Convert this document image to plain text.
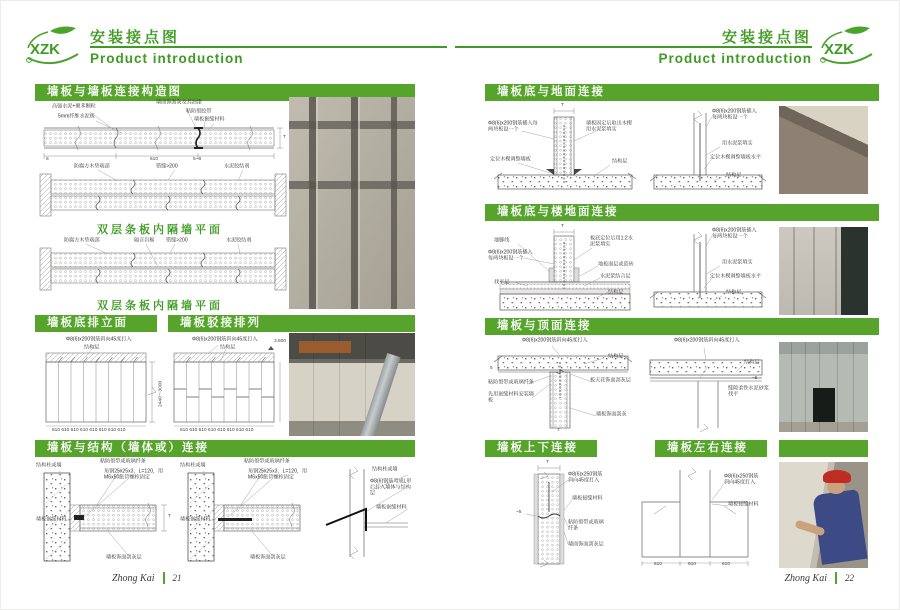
XZK
安装接点图
Product introduction
安装接点图
Product introduction
XZK
墙板与墙板连接构造图
高强水泥+聚苯颗粒
5mm纤维水泥板
墙面饰面灰及其油漆
粘防裂胶带
墙板嵌缝材料
8	610	5~8
T
防腐方木垫端部	错缝>200	水泥胶结剂
双层条板内隔墙平面
防腐方木垫端部	隔音岩棉 错缝>200	水泥胶结剂
双层条板内隔墙平面
墙板底排立面	墙板驳接排列
Φ8(6)x200钢筋斜向45度打入
结构层
2440～3000
610 610 610 610 610 610 610 610
Φ8(6)x200钢筋斜向45度打入
结构层
3.500
610 610 610 610 610 610 610 610
墙板与结构（墙体或）连接
结构柱或墙
粘防裂带或玻璃纤条
角钢25x25x3，L=120，用M6x50胀管螺栓固定
墙板嵌缝材料
墙板饰面刮灰层
T
结构柱或墙
粘防裂带或玻璃纤条
角钢25x25x3，L=120，用M6x50胀管螺栓固定
墙板嵌缝材料
墙板饰面刮灰层
结构柱或墙
Φ8(6)钢筋弯成L形后打入墙体与结构层
墙板嵌缝材料
墙板底与地面连接
T
Φ8(6)x200钢筋插入每两块板设一个
定位木楔调整墙板
墙板固定后取出木楔用水泥浆填实
结构层
Φ8(6)x200钢筋插入每两块板设一个
用水泥浆填实
定位木楔调整墙板水平
结构层
墙板底与楼地面连接
T
地脚线
Φ8(6)x200钢筋插入每两块板设一个
找平层
板底定位后用1:2水泥浆填实
地板面层或瓷砖
水泥浆结合层
结构层
Φ8(6)x200钢筋插入每两块板设一个
用水泥浆填实
定位木楔调整墙板水平
结构层
墙板与顶面连接
Φ8(6)x200钢筋斜向45度打入
结构层
5
粘防裂带或玻璃纤条
先用嵌缝材料安装墙板
板天花饰面刮灰层
墙板饰面刮灰
T
Φ8(6)x200钢筋斜向45度打入
结构层
~5
缝隙柔性水泥砂浆找平
墙板上下连接	墙板左右连接
T
Φ8(6)x250钢筋斜向45度打入
墙板接缝材料
~5
粘防裂带或玻璃纤条
墙面饰面刮灰层
Φ8(6)x250钢筋斜向45度打入
墙板接缝材料
610	610	610
Zhong Kai 21	Zhong Kai 22
